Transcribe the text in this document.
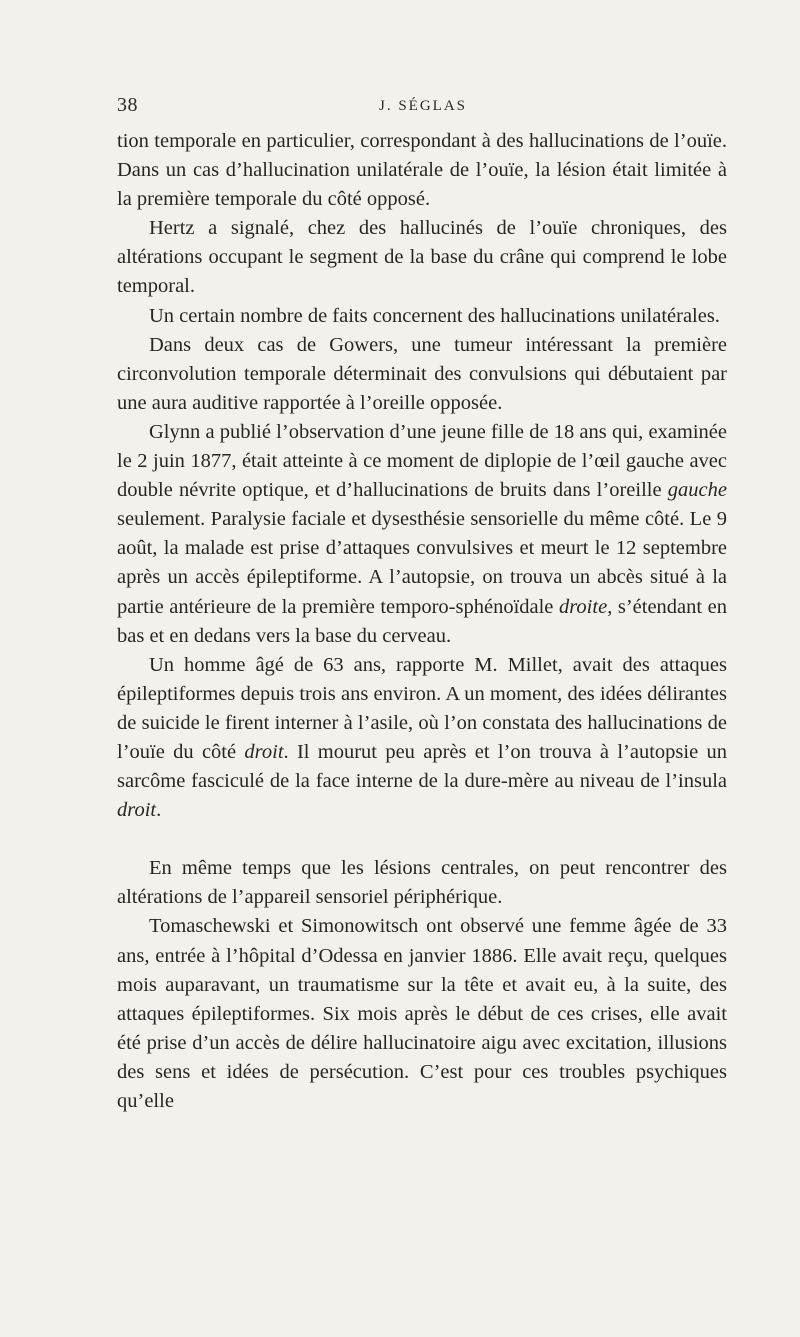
38	J. SÉGLAS

tion temporale en particulier, correspondant à des hallucinations de l’ouïe. Dans un cas d’hallucination unilatérale de l’ouïe, la lésion était limitée à la première temporale du côté opposé.

Hertz a signalé, chez des hallucinés de l’ouïe chroniques, des altérations occupant le segment de la base du crâne qui comprend le lobe temporal.

Un certain nombre de faits concernent des hallucinations unilatérales.

Dans deux cas de Gowers, une tumeur intéressant la première circonvolution temporale déterminait des convulsions qui débutaient par une aura auditive rapportée à l’oreille opposée.

Glynn a publié l’observation d’une jeune fille de 18 ans qui, examinée le 2 juin 1877, était atteinte à ce moment de diplopie de l’œil gauche avec double névrite optique, et d’hallucinations de bruits dans l’oreille gauche seulement. Paralysie faciale et dysesthésie sensorielle du même côté. Le 9 août, la malade est prise d’attaques convulsives et meurt le 12 septembre après un accès épileptiforme. A l’autopsie, on trouva un abcès situé à la partie antérieure de la première temporo-sphénoïdale droite, s’étendant en bas et en dedans vers la base du cerveau.

Un homme âgé de 63 ans, rapporte M. Millet, avait des attaques épileptiformes depuis trois ans environ. A un moment, des idées délirantes de suicide le firent interner à l’asile, où l’on constata des hallucinations de l’ouïe du côté droit. Il mourut peu après et l’on trouva à l’autopsie un sarcôme fasciculé de la face interne de la dure-mère au niveau de l’insula droit.

En même temps que les lésions centrales, on peut rencontrer des altérations de l’appareil sensoriel périphérique.

Tomaschewski et Simonowitsch ont observé une femme âgée de 33 ans, entrée à l’hôpital d’Odessa en janvier 1886. Elle avait reçu, quelques mois auparavant, un traumatisme sur la tête et avait eu, à la suite, des attaques épileptiformes. Six mois après le début de ces crises, elle avait été prise d’un accès de délire hallucinatoire aigu avec excitation, illusions des sens et idées de persécution. C’est pour ces troubles psychiques qu’elle
